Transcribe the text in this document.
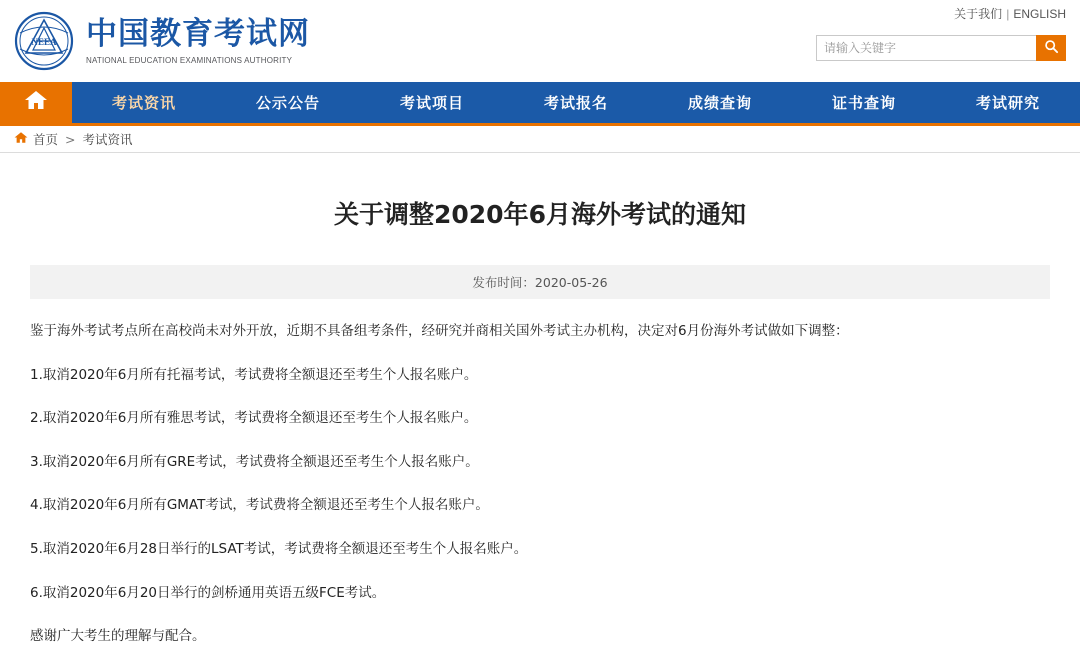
NEEA 中国教育考试网
NATIONAL EDUCATION EXAMINATIONS AUTHORITY
关于我们 | ENGLISH
请输入关键字
考试资讯	公示公告	考试项目	考试报名	成绩查询	证书查询	考试研究
首页 > 考试资讯
关于调整2020年6月海外考试的通知
发布时间：2020-05-26

鉴于海外考试考点所在高校尚未对外开放，近期不具备组考条件，经研究并商相关国外考试主办机构，决定对6月份海外考试做如下调整：

1.取消2020年6月所有托福考试，考试费将全额退还至考生个人报名账户。

2.取消2020年6月所有雅思考试，考试费将全额退还至考生个人报名账户。

3.取消2020年6月所有GRE考试，考试费将全额退还至考生个人报名账户。

4.取消2020年6月所有GMAT考试，考试费将全额退还至考生个人报名账户。

5.取消2020年6月28日举行的LSAT考试，考试费将全额退还至考生个人报名账户。

6.取消2020年6月20日举行的剑桥通用英语五级FCE考试。

感谢广大考生的理解与配合。
